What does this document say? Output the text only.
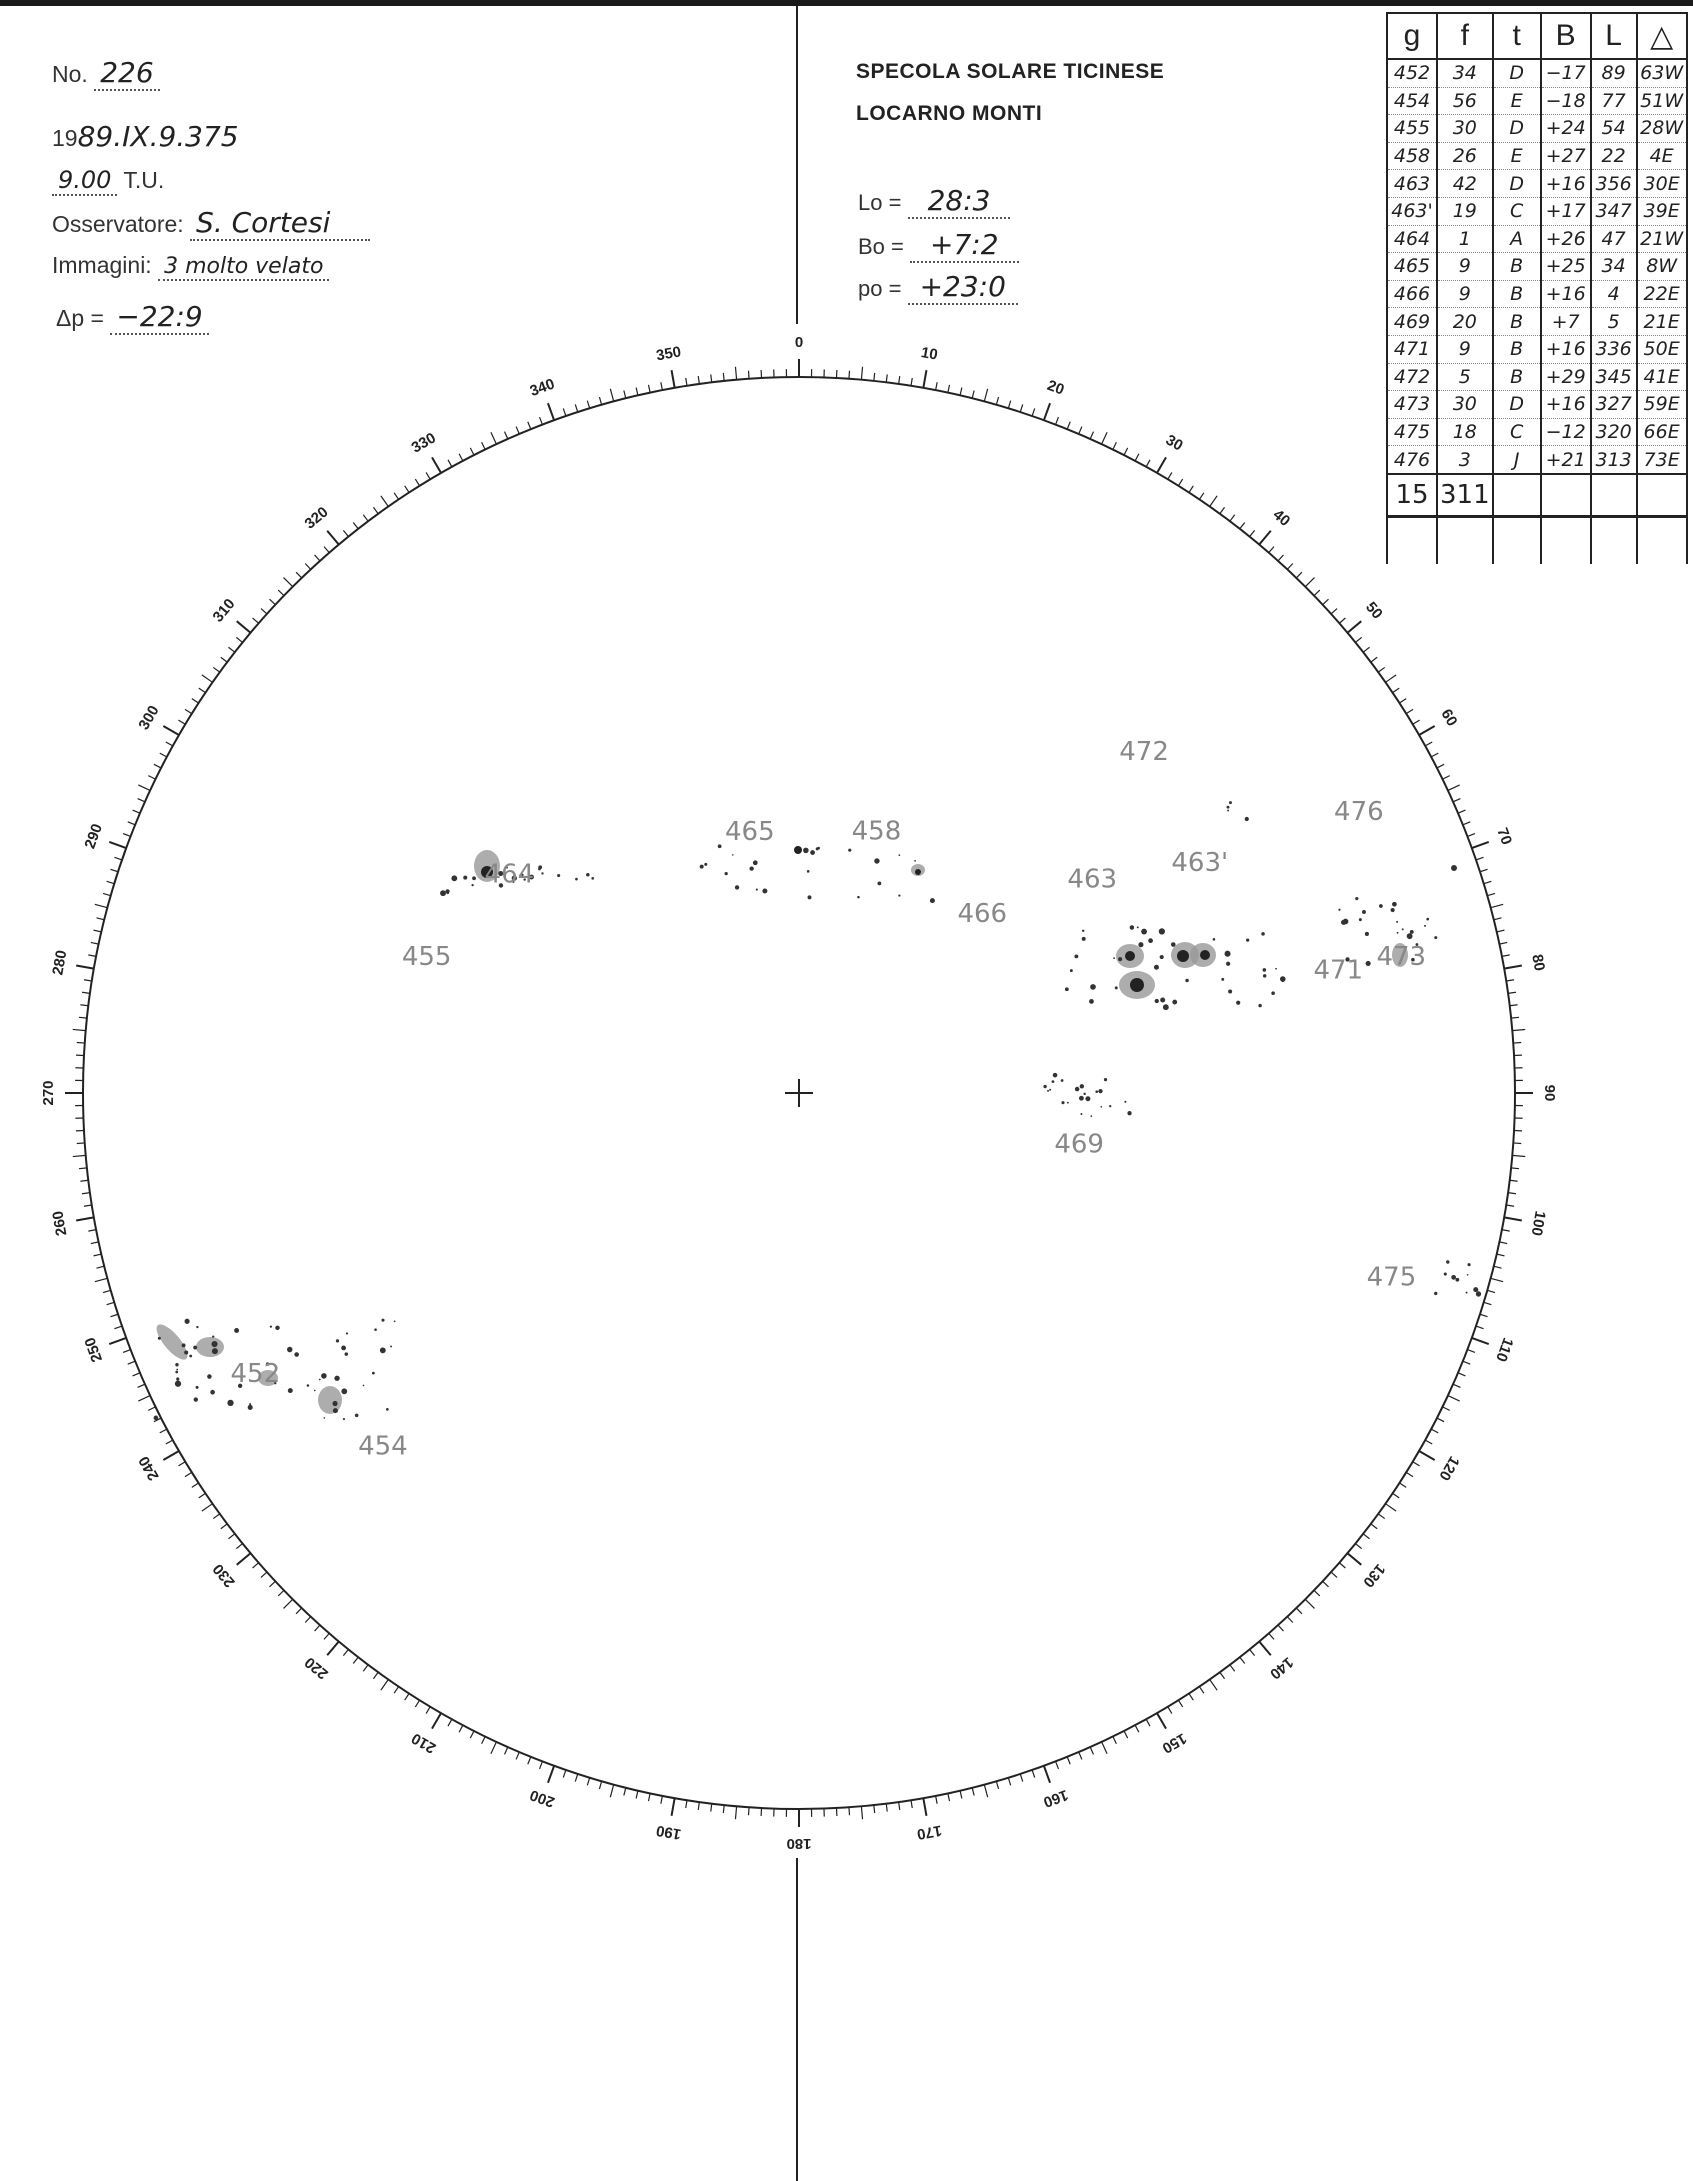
No. 226
1989.IX.9.375
9.00 T.U.
Osservatore: S. Cortesi
Immagini: 3 molto velato
Δp = −22:9
SPECOLA SOLARE TICINESE
LOCARNO MONTI
Lo = 28:3
Bo = +7:2
po = +23:0
g	f	t	B	L	△
452	34	D	−17	89	63W
454	56	E	−18	77	51W
455	30	D	+24	54	28W
458	26	E	+27	22	4E
463	42	D	+16	356	30E
463'	19	C	+17	347	39E
464	1	A	+26	47	21W
465	9	B	+25	34	8W
466	9	B	+16	4	22E
469	20	B	+7	5	21E
471	9	B	+16	336	50E
472	5	B	+29	345	41E
473	30	D	+16	327	59E
475	18	C	−12	320	66E
476	3	J	+21	313	73E
15	311				

0
10
20
30
40
50
60
70
80
90
100
110
120
130
140
150
160
170
180
190
200
210
220
230
240
250
260
270
280
290
300
310
320
330
340
350
455
464
465	458
466
463
463'
472
476
471 473
469
475
452
454
